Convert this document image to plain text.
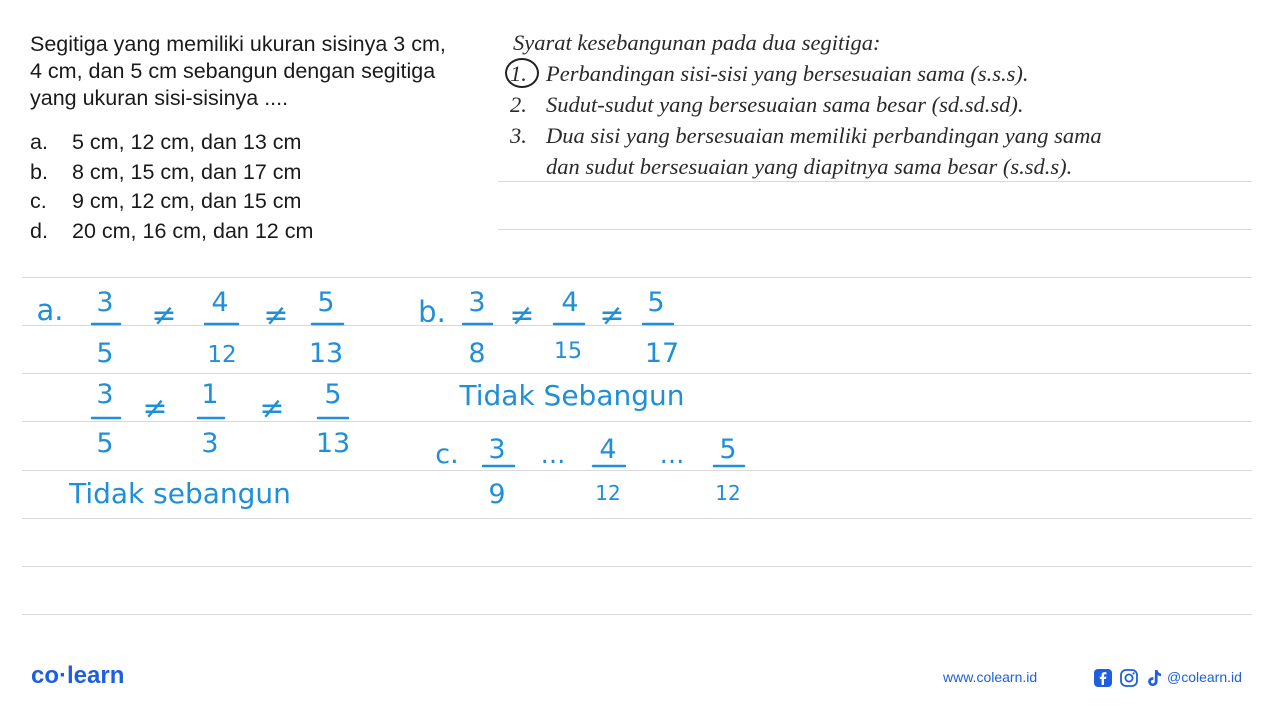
Segitiga yang memiliki ukuran sisinya 3 cm,
4 cm, dan 5 cm sebangun dengan segitiga
yang ukuran sisi-sisinya ....
a. 5 cm, 12 cm, dan 13 cm
b. 8 cm, 15 cm, dan 17 cm
c. 9 cm, 12 cm, dan 15 cm
d. 20 cm, 16 cm, dan 12 cm
Syarat kesebangunan pada dua segitiga:
1. Perbandingan sisi-sisi yang bersesuaian sama (s.s.s).
2. Sudut-sudut yang bersesuaian sama besar (sd.sd.sd).
3. Dua sisi yang bersesuaian memiliki perbandingan yang sama
dan sudut bersesuaian yang diapitnya sama besar (s.sd.s).
a. 3
5
≠ 4
12
≠ 5
13
3
5
≠ 1
3
≠ 5
13
Tidak sebangun
b. 3
8
≠ 4
15
≠ 5
17
Tidak Sebangun
c. 3
9
... 4
12
... 5
12
co·learn	www.colearn.id	@colearn.id
